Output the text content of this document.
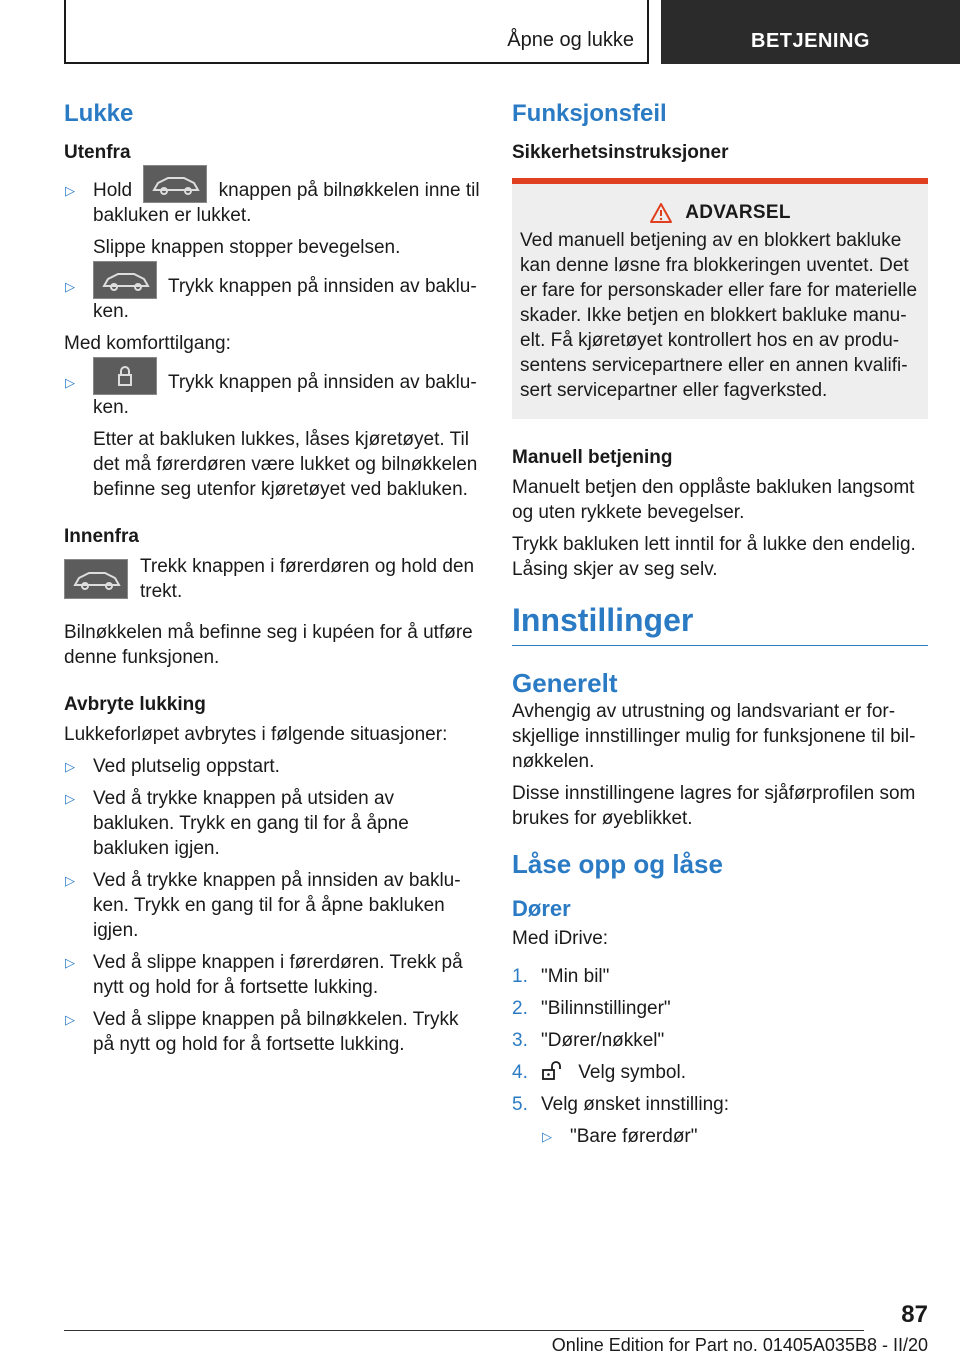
Åpne og lukke	BETJENING
Lukke
Utenfra
▷ Hold	knappen på bilnøkkelen inne til bakluken er lukket.

Slippe knappen stopper bevegelsen.

▷	Trykk knappen på innsiden av baklu-ken.

Med komforttilgang:

▷	Trykk knappen på innsiden av baklu-ken.

Etter at bakluken lukkes, låses kjøretøyet. Til det må førerdøren være lukket og bilnøkkelen befinne seg utenfor kjøretøyet ved bakluken.

Innenfra

Trekk knappen i førerdøren og hold den trekt.

Bilnøkkelen må befinne seg i kupéen for å utføre denne funksjonen.

Avbryte lukking

Lukkeforløpet avbrytes i følgende situasjoner:

▷ Ved plutselig oppstart.
▷ Ved å trykke knappen på utsiden av bakluken. Trykk en gang til for å åpne bakluken igjen.
▷ Ved å trykke knappen på innsiden av baklu-ken. Trykk en gang til for å åpne bakluken igjen.
▷ Ved å slippe knappen i førerdøren. Trekk på nytt og hold for å fortsette lukking.
▷ Ved å slippe knappen på bilnøkkelen. Trykk på nytt og hold for å fortsette lukking.
Funksjonsfeil
Sikkerhetsinstruksjoner
ADVARSEL

Ved manuell betjening av en blokkert bakluke kan denne løsne fra blokkeringen uventet. Det er fare for personskader eller fare for materielle skader. Ikke betjen en blokkert bakluke manu-elt. Få kjøretøyet kontrollert hos en av produ-sentens servicepartnere eller en annen kvalifi-sert servicepartner eller fagverksted.

Manuell betjening

Manuelt betjen den opplåste bakluken langsomt og uten rykkete bevegelser.

Trykk bakluken lett inntil for å lukke den endelig. Låsing skjer av seg selv.

Innstillinger
Generelt

Avhengig av utrustning og landsvariant er for-skjellige innstillinger mulig for funksjonene til bil-nøkkelen.

Disse innstillingene lagres for sjåførprofilen som brukes for øyeblikket.

Låse opp og låse
Dører

Med iDrive:

1. "Min bil"
2. "Bilinnstillinger"
3. "Dører/nøkkel"
4.	Velg symbol.
5. Velg ønsket innstilling:
▷ "Bare førerdør"
87
Online Edition for Part no. 01405A035B8 - II/20
